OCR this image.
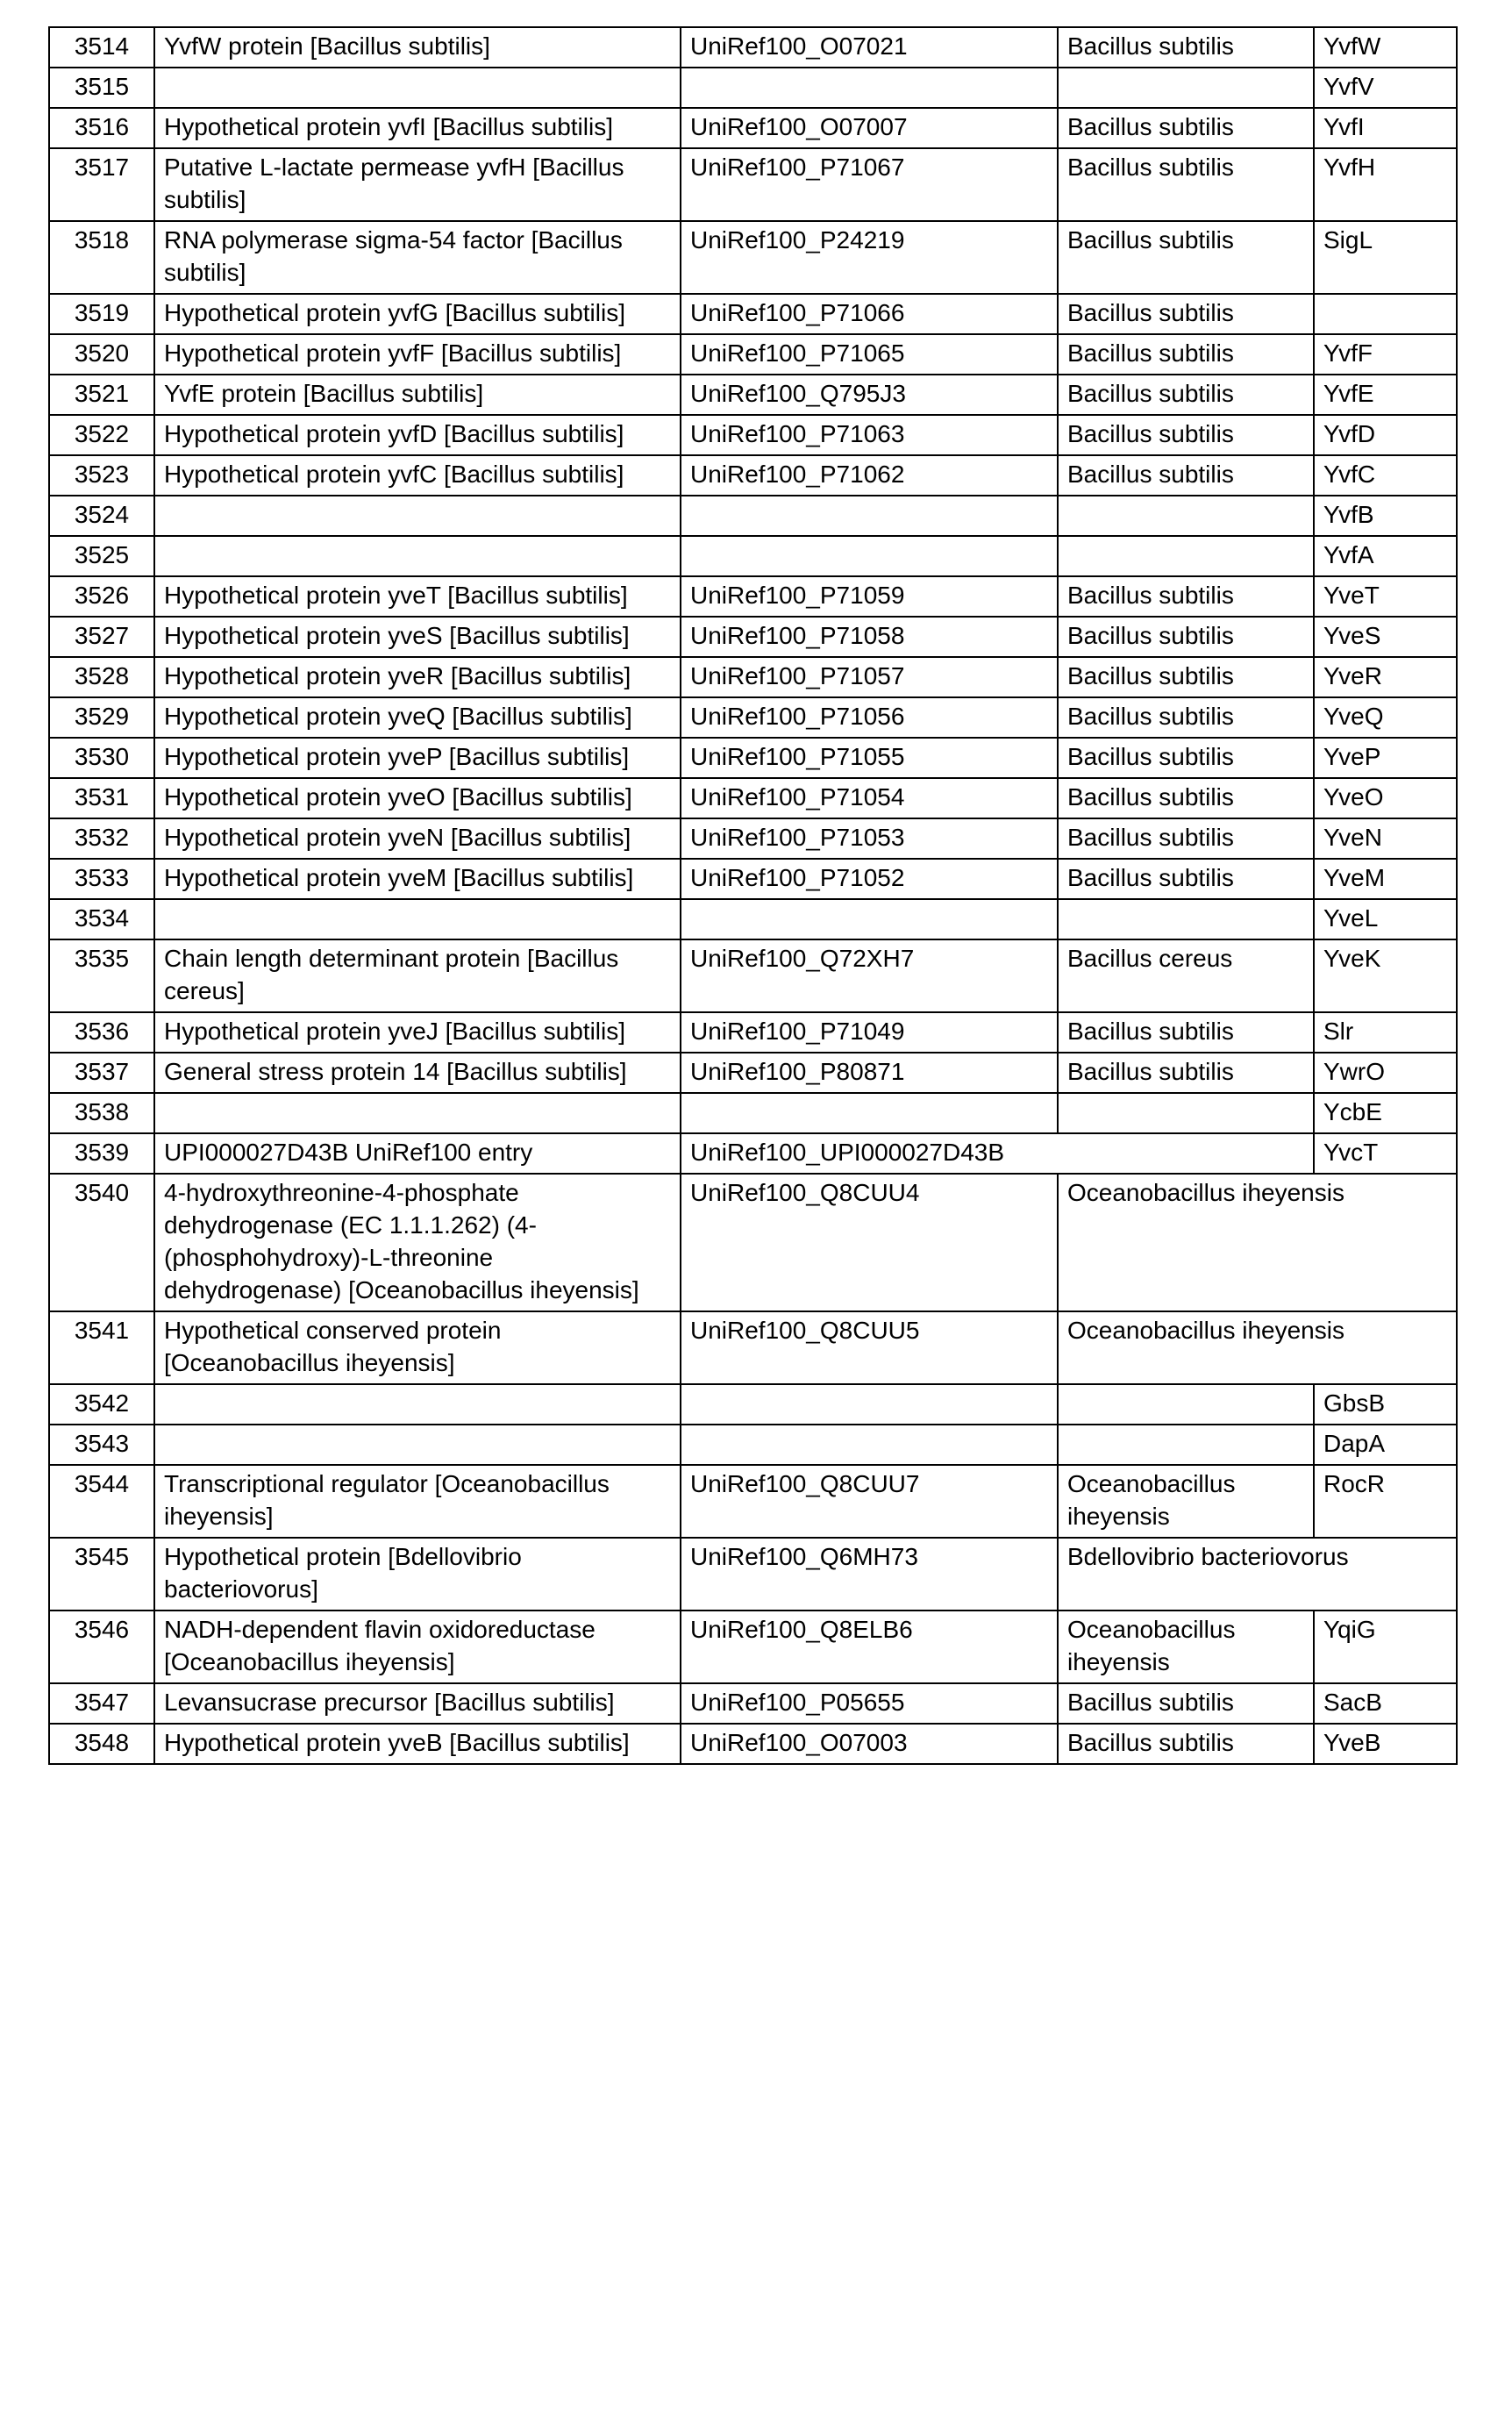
3514	YvfW protein [Bacillus subtilis]	UniRef100_O07021	Bacillus subtilis	YvfW
3515				YvfV
3516	Hypothetical protein yvfI [Bacillus subtilis]	UniRef100_O07007	Bacillus subtilis	YvfI
3517	Putative L-lactate permease yvfH [Bacillus subtilis]	UniRef100_P71067	Bacillus subtilis	YvfH
3518	RNA polymerase sigma-54 factor [Bacillus subtilis]	UniRef100_P24219	Bacillus subtilis	SigL
3519	Hypothetical protein yvfG [Bacillus subtilis]	UniRef100_P71066	Bacillus subtilis	
3520	Hypothetical protein yvfF [Bacillus subtilis]	UniRef100_P71065	Bacillus subtilis	YvfF
3521	YvfE protein [Bacillus subtilis]	UniRef100_Q795J3	Bacillus subtilis	YvfE
3522	Hypothetical protein yvfD [Bacillus subtilis]	UniRef100_P71063	Bacillus subtilis	YvfD
3523	Hypothetical protein yvfC [Bacillus subtilis]	UniRef100_P71062	Bacillus subtilis	YvfC
3524				YvfB
3525				YvfA
3526	Hypothetical protein yveT [Bacillus subtilis]	UniRef100_P71059	Bacillus subtilis	YveT
3527	Hypothetical protein yveS [Bacillus subtilis]	UniRef100_P71058	Bacillus subtilis	YveS
3528	Hypothetical protein yveR [Bacillus subtilis]	UniRef100_P71057	Bacillus subtilis	YveR
3529	Hypothetical protein yveQ [Bacillus subtilis]	UniRef100_P71056	Bacillus subtilis	YveQ
3530	Hypothetical protein yveP [Bacillus subtilis]	UniRef100_P71055	Bacillus subtilis	YveP
3531	Hypothetical protein yveO [Bacillus subtilis]	UniRef100_P71054	Bacillus subtilis	YveO
3532	Hypothetical protein yveN [Bacillus subtilis]	UniRef100_P71053	Bacillus subtilis	YveN
3533	Hypothetical protein yveM [Bacillus subtilis]	UniRef100_P71052	Bacillus subtilis	YveM
3534				YveL
3535	Chain length determinant protein [Bacillus cereus]	UniRef100_Q72XH7	Bacillus cereus	YveK
3536	Hypothetical protein yveJ [Bacillus subtilis]	UniRef100_P71049	Bacillus subtilis	Slr
3537	General stress protein 14 [Bacillus subtilis]	UniRef100_P80871	Bacillus subtilis	YwrO
3538				YcbE
3539	UPI000027D43B UniRef100 entry	UniRef100_UPI000027D43B		YvcT
3540	4-hydroxythreonine-4-phosphate dehydrogenase (EC 1.1.1.262) (4-(phosphohydroxy)-L-threonine dehydrogenase) [Oceanobacillus iheyensis]	UniRef100_Q8CUU4	Oceanobacillus iheyensis	
3541	Hypothetical conserved protein [Oceanobacillus iheyensis]	UniRef100_Q8CUU5	Oceanobacillus iheyensis	
3542				GbsB
3543				DapA
3544	Transcriptional regulator [Oceanobacillus iheyensis]	UniRef100_Q8CUU7	Oceanobacillus iheyensis	RocR
3545	Hypothetical protein [Bdellovibrio bacteriovorus]	UniRef100_Q6MH73	Bdellovibrio bacteriovorus	
3546	NADH-dependent flavin oxidoreductase [Oceanobacillus iheyensis]	UniRef100_Q8ELB6	Oceanobacillus iheyensis	YqiG
3547	Levansucrase precursor [Bacillus subtilis]	UniRef100_P05655	Bacillus subtilis	SacB
3548	Hypothetical protein yveB [Bacillus subtilis]	UniRef100_O07003	Bacillus subtilis	YveB
